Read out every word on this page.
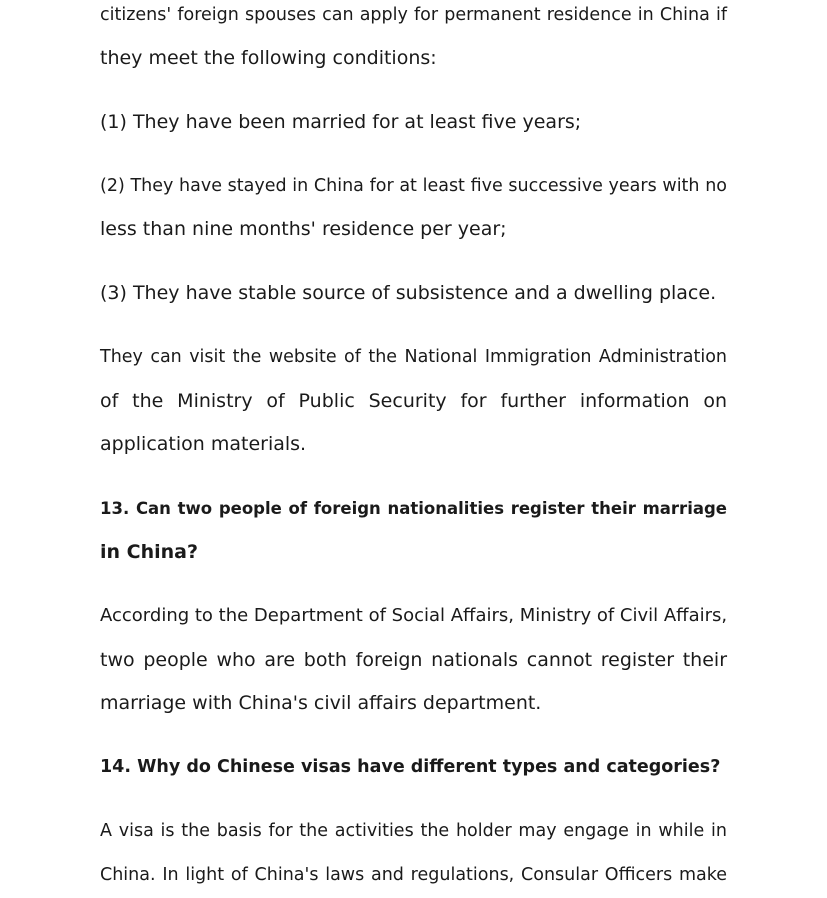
citizens' foreign spouses can apply for permanent residence in China if
they meet the following conditions:
(1) They have been married for at least five years;
(2) They have stayed in China for at least five successive years with no
less than nine months' residence per year;
(3) They have stable source of subsistence and a dwelling place.
They can visit the website of the National Immigration Administration
of the Ministry of Public Security for further information on
application materials.
13. Can two people of foreign nationalities register their marriage
in China?
According to the Department of Social Affairs, Ministry of Civil Affairs,
two people who are both foreign nationals cannot register their
marriage with China's civil affairs department.
14. Why do Chinese visas have different types and categories?
A visa is the basis for the activities the holder may engage in while in
China. In light of China's laws and regulations, Consular Officers make
